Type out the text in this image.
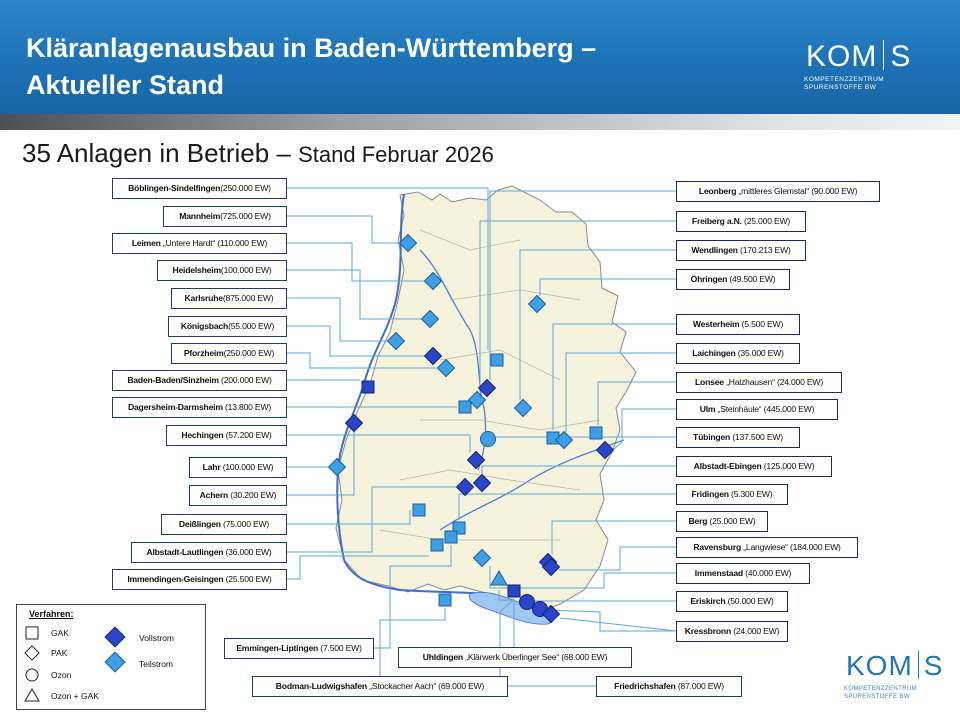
Kläranlagenausbau in Baden-Württemberg –
Aktueller Stand
KOM S
KOMPETENZZENTRUM
SPURENSTOFFE BW
35 Anlagen in Betrieb – Stand Februar 2026
Böblingen-Sindelfingen(250.000 EW)
Mannheim(725.000 EW)
Leimen „Untere Hardt“ (110.000 EW)
Heidelsheim(100.000 EW)
Karlsruhe(875.000 EW)
Königsbach(55.000 EW)
Pforzheim(250.000 EW)
Baden-Baden/Sinzheim (200.000 EW)
Dagersheim-Darmsheim (13.800 EW)
Hechingen (57.200 EW)
Lahr (100.000 EW)
Achern (30.200 EW)
Deißlingen (75.000 EW)
Albstadt-Lautlingen (36.000 EW)
Immendingen-Geisingen (25.500 EW)
Leonberg „mittleres Glemstal“ (90.000 EW)
Freiberg a.N. (25.000 EW)
Wendlingen (170.213 EW)
Öhringen (49.500 EW)
Westerheim (5.500 EW)
Laichingen (35.000 EW)
Lonsee „Halzhausen“ (24.000 EW)
Ulm „Steinhäule“ (445.000 EW)
Tübingen (137.500 EW)
Albstadt-Ebingen (125.000 EW)
Fridingen (5.300 EW)
Berg (25.000 EW)
Ravensburg „Langwiese“ (184.000 EW)
Immenstaad (40.000 EW)
Eriskirch (50.000 EW)
Kressbronn (24.000 EW)
Emmingen-Liptingen (7.500 EW)
Uhldingen „Klärwerk Überlinger See“ (68.000 EW)
Bodman-Ludwigshafen „Stockacher Aach“ (69.000 EW)	Friedrichshafen (87.000 EW)
Verfahren:
GAK
PAK
Ozon
Ozon + GAK
Vollstrom
Teilstrom	KOM S
KOMPETENZZENTRUM
SPURENSTOFFE BW
